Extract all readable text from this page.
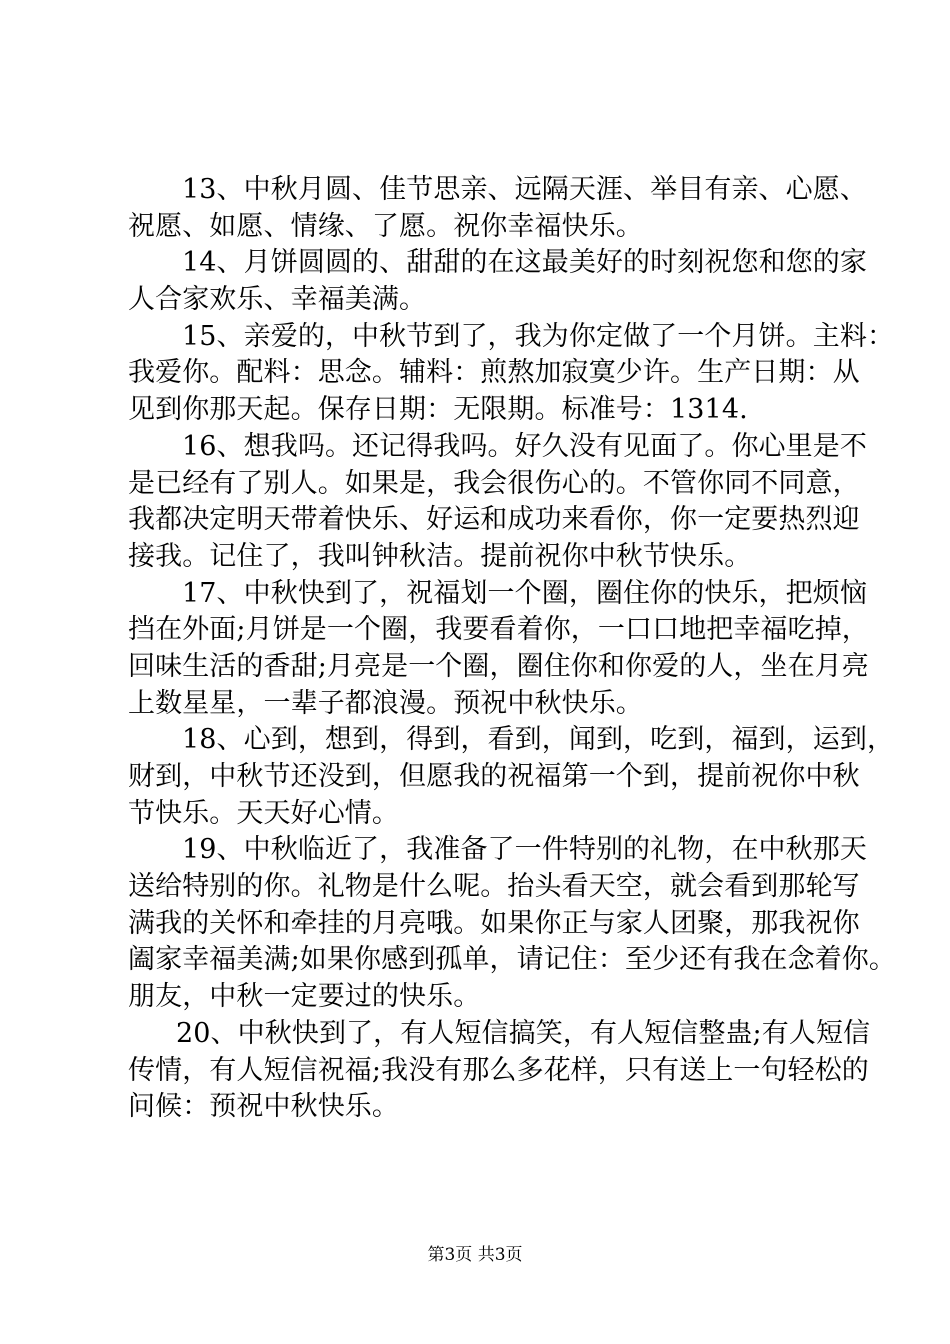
13、中秋月圆、佳节思亲、远隔天涯、举目有亲、心愿、
祝愿、如愿、情缘、了愿。祝你幸福快乐。
14、月饼圆圆的、甜甜的在这最美好的时刻祝您和您的家
人合家欢乐、幸福美满。
15、亲爱的，中秋节到了，我为你定做了一个月饼。主料：
我爱你。配料：思念。辅料：煎熬加寂寞少许。生产日期：从
见到你那天起。保存日期：无限期。标准号：1314.
16、想我吗。还记得我吗。好久没有见面了。你心里是不
是已经有了别人。如果是，我会很伤心的。不管你同不同意，
我都决定明天带着快乐、好运和成功来看你，你一定要热烈迎
接我。记住了，我叫钟秋洁。提前祝你中秋节快乐。
17、中秋快到了，祝福划一个圈，圈住你的快乐，把烦恼
挡在外面;月饼是一个圈，我要看着你，一口口地把幸福吃掉，
回味生活的香甜;月亮是一个圈，圈住你和你爱的人，坐在月亮
上数星星，一辈子都浪漫。预祝中秋快乐。
18、心到，想到，得到，看到，闻到，吃到，福到，运到，
财到，中秋节还没到，但愿我的祝福第一个到，提前祝你中秋
节快乐。天天好心情。
19、中秋临近了，我准备了一件特别的礼物，在中秋那天
送给特别的你。礼物是什么呢。抬头看天空，就会看到那轮写
满我的关怀和牵挂的月亮哦。如果你正与家人团聚，那我祝你
阖家幸福美满;如果你感到孤单，请记住：至少还有我在念着你。
朋友，中秋一定要过的快乐。
20、中秋快到了，有人短信搞笑，有人短信整蛊;有人短信
传情，有人短信祝福;我没有那么多花样，只有送上一句轻松的
问候：预祝中秋快乐。
第3页 共3页
